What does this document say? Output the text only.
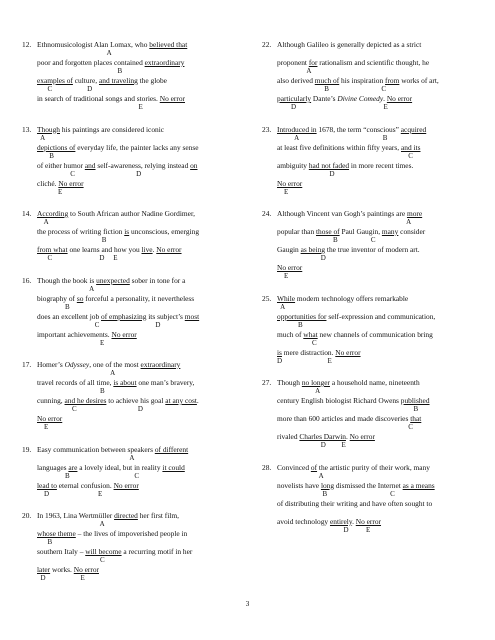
12. Ethnomusicologist Alan Lomax, who believed that
A
poor and forgotten places contained extraordinary
B
examples of culture, and traveling the globe
C                    D
in search of traditional songs and stories. No error
E
13. Though his paintings are considered iconic
A
depictions of everyday life, the painter lacks any sense
B
of either humor and self-awareness, relying instead on
C                                   D
cliché. No error
E
14. According to South African author Nadine Gordimer,
A
the process of writing fiction is unconscious, emerging
B
from what one learns and how you live. No error
C                           D     E
16. Though the book is unexpected sober in tone for a
A
biography of so forceful a personality, it nevertheless
B
does an excellent job of emphasizing its subject’s most
C                                D
important achievements. No error
E
17. Homer’s Odyssey, one of the most extraordinary
A
travel records of all time, is about one man’s bravery,
B
cunning, and he desires to achieve his goal at any cost.
C                                   D
No error
E
19. Easy communication between speakers of different
A
languages are a lovely ideal, but in reality it could
B                                     C
lead to eternal confusion. No error
D                            E
20. In 1963, Lina Wertmüller directed her first film,
A
whose theme – the lives of impoverished people in
B
southern Italy – will become a recurring motif in her
C
later works. No error
D                    E
22. Although Galileo is generally depicted as a strict
proponent for rationalism and scientific thought, he
A
also derived much of his inspiration from works of art,
B                              C
particularly Dante’s Divine Comedy. No error
D                                                  E
23. Introduced in 1678, the term “conscious” acquired
A                                                B
at least five definitions within fifty years, and its
C
ambiguity had not faded in more recent times.
D
No error
E
24. Although Vincent van Gogh’s paintings are more
A
popular than those of Paul Gaugin, many consider
B                   C
Gaugin as being the true inventor of modern art.
D
No error
E
25. While modern technology offers remarkable
A
opportunities for self-expression and communication,
B
much of what new channels of communication bring
C
is mere distraction. No error
D                          E
27. Though no longer a household name, nineteenth
A
century English biologist Richard Owens published
B
more than 600 articles and made discoveries that
C
rivaled Charles Darwin. No error
D         E
28. Convinced of the artistic purity of their work, many
A
novelists have long dismissed the Internet as a means
B                                    C
of distributing their writing and have often sought to
avoid technology entirely. No error
D          E
3
